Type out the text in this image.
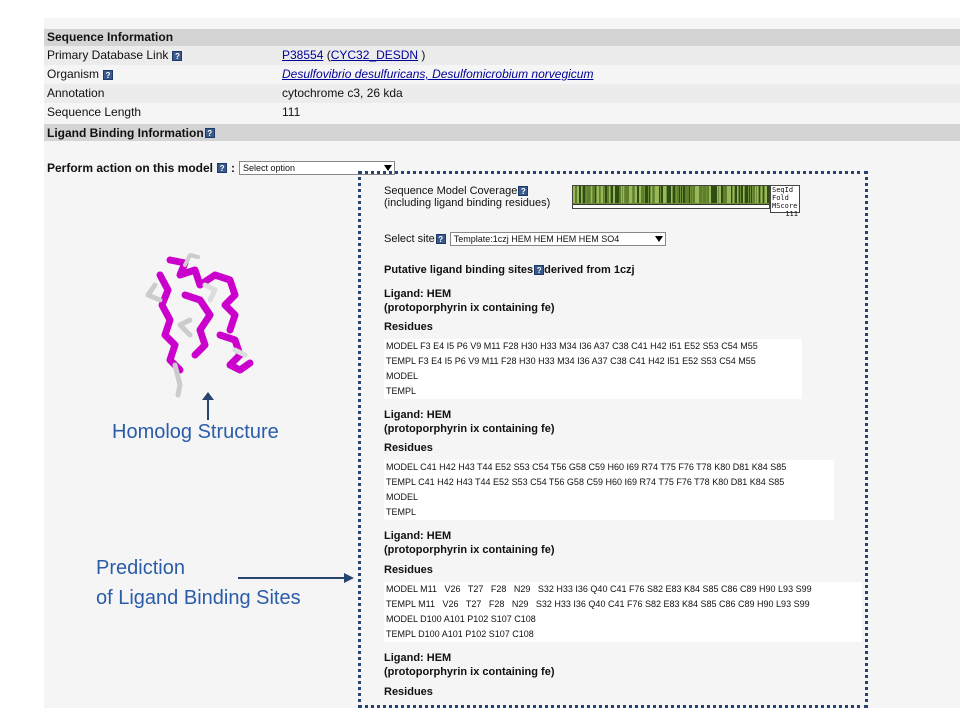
Sequence Information
Primary Database Link ?	P38554 (CYC32_DESDN )
Organism ?	Desulfovibrio desulfuricans, Desulfomicrobium norvegicum
Annotation	cytochrome c3, 26 kda
Sequence Length	111
Ligand Binding Information ?
Perform action on this model ? : Select option
Homolog Structure
Prediction
of Ligand Binding Sites
Sequence Model Coverage ?
(including ligand binding residues)
SeqId
Fold
MScore
111
Select site ? Template:1czj HEM HEM HEM HEM SO4
Putative ligand binding sites ? derived from 1czj
Ligand: HEM
(protoporphyrin ix containing fe)
Residues
MODEL F3 E4 I5 P6 V9 M11 F28 H30 H33 M34 I36 A37 C38 C41 H42 I51 E52 S53 C54 M55
TEMPL F3 E4 I5 P6 V9 M11 F28 H30 H33 M34 I36 A37 C38 C41 H42 I51 E52 S53 C54 M55
MODEL
TEMPL
Ligand: HEM
(protoporphyrin ix containing fe)
Residues
MODEL C41 H42 H43 T44 E52 S53 C54 T56 G58 C59 H60 I69 R74 T75 F76 T78 K80 D81 K84 S85
TEMPL C41 H42 H43 T44 E52 S53 C54 T56 G58 C59 H60 I69 R74 T75 F76 T78 K80 D81 K84 S85
MODEL
TEMPL
Ligand: HEM
(protoporphyrin ix containing fe)
Residues
MODEL M11   V26   T27   F28   N29   S32 H33 I36 Q40 C41 F76 S82 E83 K84 S85 C86 C89 H90 L93 S99
TEMPL M11   V26   T27   F28   N29   S32 H33 I36 Q40 C41 F76 S82 E83 K84 S85 C86 C89 H90 L93 S99
MODEL D100 A101 P102 S107 C108
TEMPL D100 A101 P102 S107 C108
Ligand: HEM
(protoporphyrin ix containing fe)
Residues
